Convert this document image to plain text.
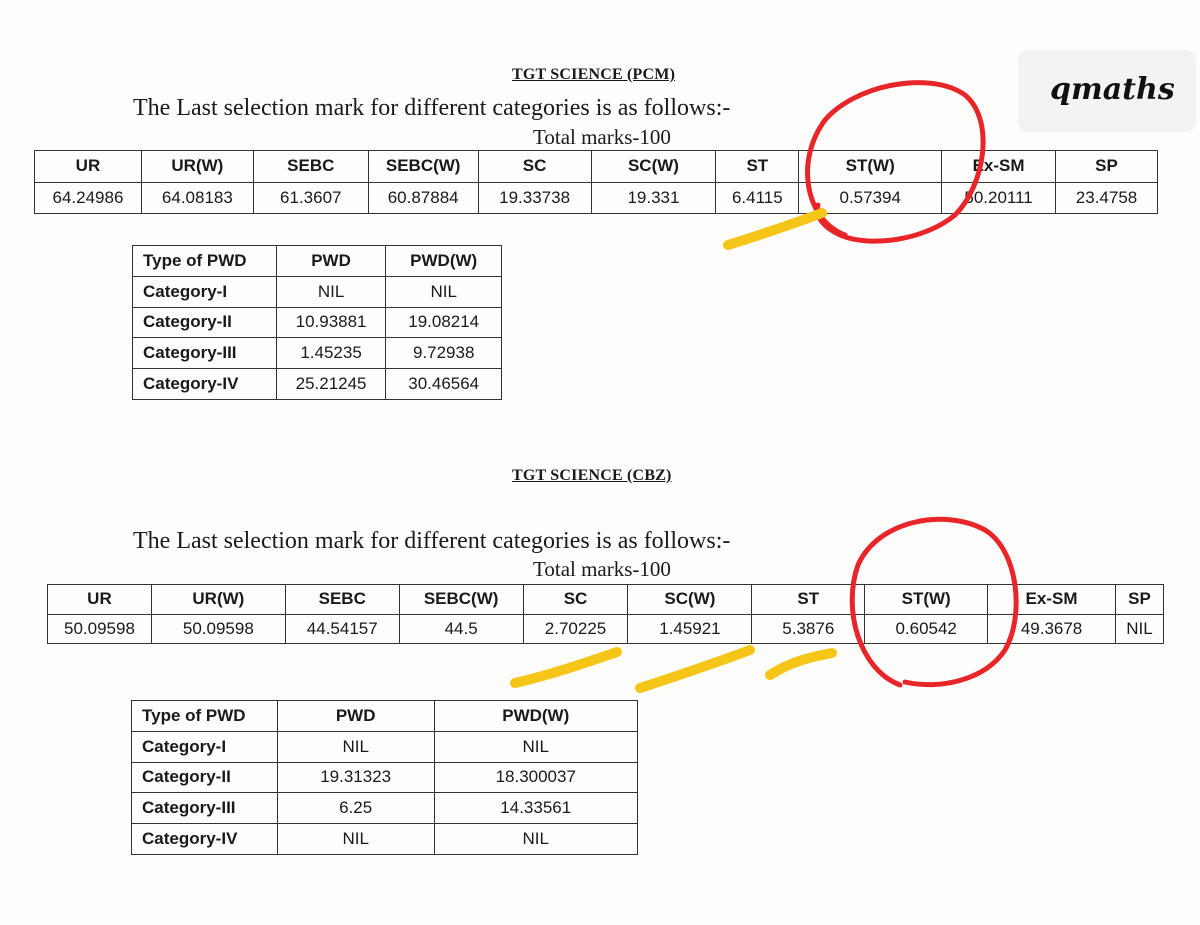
qmaths
TGT SCIENCE (PCM)
The Last selection mark for different categories is as follows:-
Total marks-100
UR	UR(W)	SEBC	SEBC(W)	SC	SC(W)	ST	ST(W)	Ex-SM	SP
64.24986	64.08183	61.3607	60.87884	19.33738	19.331	6.4115	0.57394	50.20111	23.4758
Type of PWD	PWD	PWD(W)
Category-I	NIL	NIL
Category-II	10.93881	19.08214
Category-III	1.45235	9.72938
Category-IV	25.21245	30.46564
TGT SCIENCE (CBZ)
The Last selection mark for different categories is as follows:-
Total marks-100
UR	UR(W)	SEBC	SEBC(W)	SC	SC(W)	ST	ST(W)	Ex-SM	SP
50.09598	50.09598	44.54157	44.5	2.70225	1.45921	5.3876	0.60542	49.3678	NIL
Type of PWD	PWD	PWD(W)
Category-I	NIL	NIL
Category-II	19.31323	18.300037
Category-III	6.25	14.33561
Category-IV	NIL	NIL
